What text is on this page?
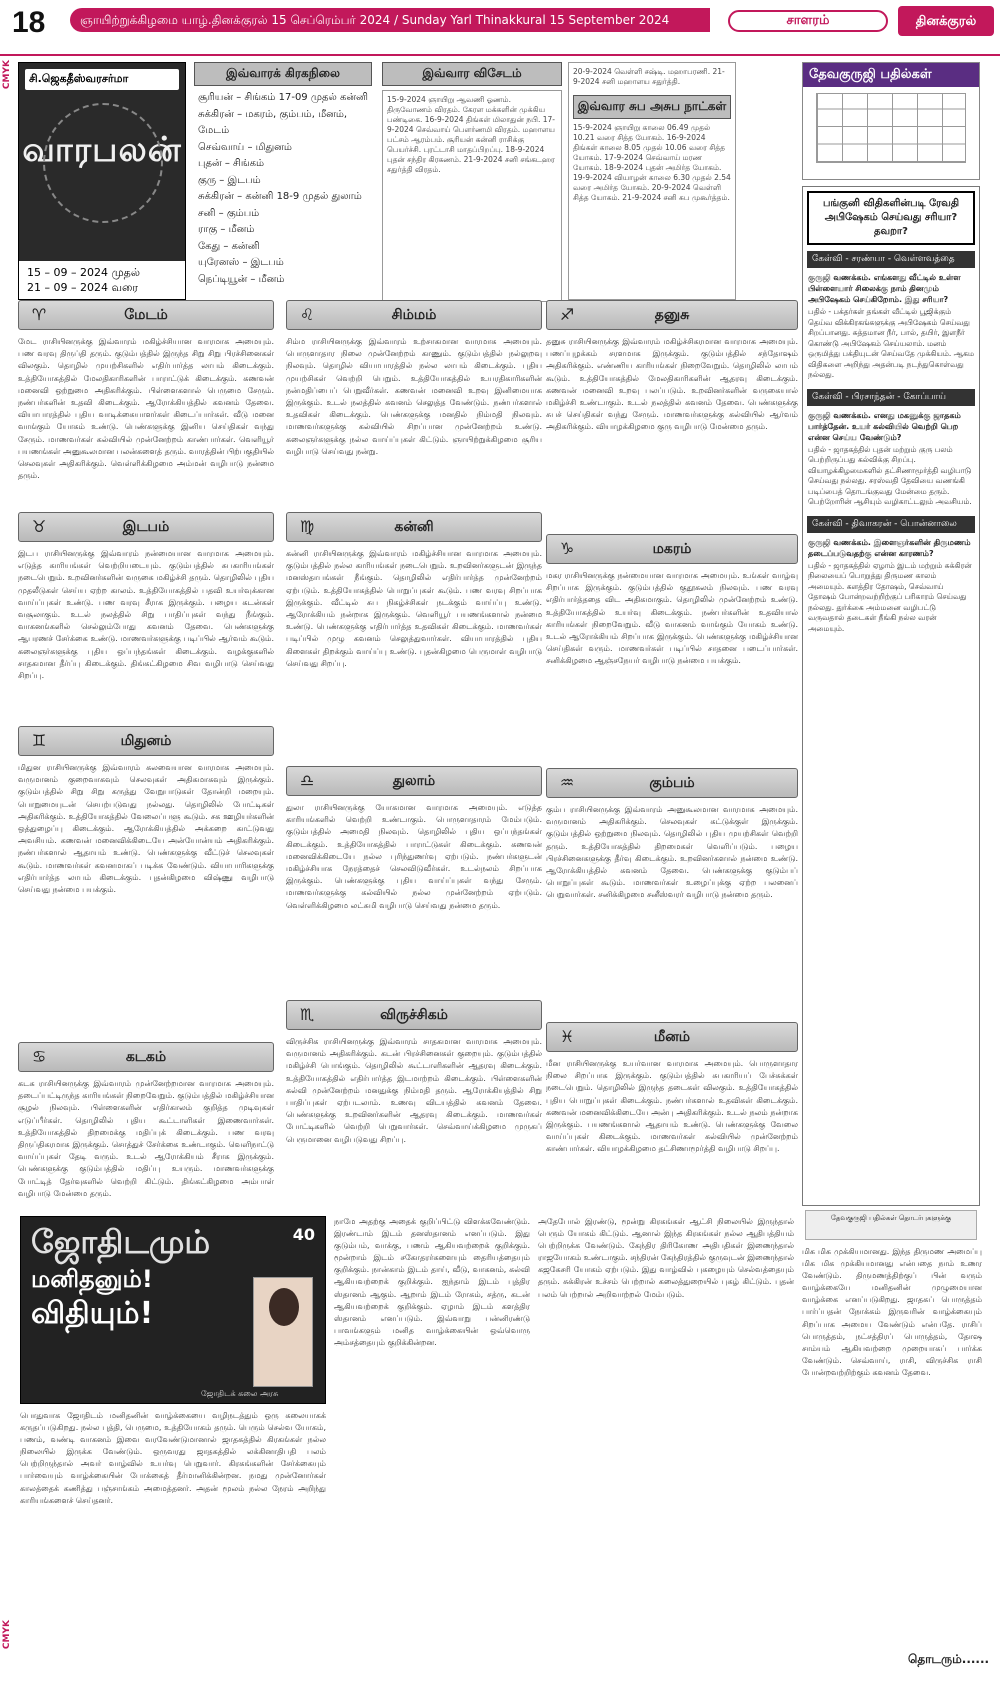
18	ஞாயிற்றுக்கிழமை யாழ்.தினக்குரல் 15 செப்ரெம்பர் 2024 / Sunday Yarl Thinakkural 15 September 2024	சாளரம்	தினக்குரல்
CMYK
CMYK
சி.ஜெகதீஸ்வரசர்மா
வாரபலன்
15 – 09 – 2024 முதல்
21 – 09 – 2024 வரை
இவ்வாரக் கிரகநிலை
சூரியன் – சிங்கம் 17-09 முதல் கன்னி
சுக்கிரன் – மகரம், கும்பம், மீனம், மேடம்
செவ்வாய் – மிதுனம்
புதன் – சிங்கம்
குரு – இடபம்
சுக்கிரன் – கன்னி 18-9 முதல் துலாம்
சனி – கும்பம்
ராகு – மீனம்
கேது – கன்னி
யுரேனஸ் – இடபம்
நெப்டியூன் – மீனம்
இவ்வார விசேடம்

15-9-2024 ஞாயிறு ஆவணி ஓணம். திருவோணம் விரதம். கேரள மக்களின் முக்கிய பண்டிகை. 16-9-2024 திங்கள் மிலாதுன் நபி. 17-9-2024 செவ்வாய் பௌர்ணமி விரதம். மஹாளய பட்சம் ஆரம்பம். சூரியன் கன்னி ராசிக்கு பெயர்ச்சி. புரட்டாசி மாதப்பிறப்பு. 18-9-2024 புதன் சந்திர கிரகணம். 21-9-2024 சனி சங்கடஹர சதுர்த்தி விரதம்.

20-9-2024 வெள்ளி சஷ்டி. மஹாபரணி. 21-9-2024 சனி மஹாளய சதுர்த்தி.

இவ்வார சுப அசுப நாட்கள்

15-9-2024 ஞாயிறு காலை 06.49 முதல் 10.21 வரை சித்த யோகம். 16-9-2024 திங்கள் காலை 8.05 முதல் 10.06 வரை சித்த யோகம். 17-9-2024 செவ்வாய் மரண யோகம். 18-9-2024 புதன் அமிர்த யோகம். 19-9-2024 வியாழன் காலை 6.30 முதல் 2.54 வரை அமிர்த யோகம். 20-9-2024 வெள்ளி சித்த யோகம். 21-9-2024 சனி சுப முகூர்த்தம்.

தேவகுருஜி பதில்கள்
பங்குனி விதிகளின்படி ரேவதி அபிஷேகம் செய்வது சரியா? தவறா?
கேள்வி - சரண்யா - வெள்ளவத்தை

குருஜி வணக்கம். எங்களது வீட்டில் உள்ள பிள்ளையார் சிலைக்கு நாம் தினமும் அபிஷேகம் செய்கிறோம். இது சரியா?

பதில் - பக்தர்கள் தங்கள் வீட்டில் பூஜிக்கும் தெய்வ விக்கிரகங்களுக்கு அபிஷேகம் செய்வது சிறப்பானது. சுத்தமான நீர், பால், தயிர், இளநீர் கொண்டு அபிஷேகம் செய்யலாம். மனம் ஒருமித்து பக்தியுடன் செய்வதே முக்கியம். ஆகம விதிகளை அறிந்து அதன்படி நடந்துகொள்வது நல்லது.

கேள்வி - பிரசாந்தன் - கோப்பாய்

குருஜி வணக்கம். எனது மகனுக்கு ஜாதகம் பார்த்தேன். உயர் கல்வியில் வெற்றி பெற என்ன செய்ய வேண்டும்?

பதில் - ஜாதகத்தில் புதன் மற்றும் குரு பலம் பெற்றிருப்பது கல்விக்கு சிறப்பு. வியாழக்கிழமைகளில் தட்சிணாமூர்த்தி வழிபாடு செய்வது நல்லது. சரஸ்வதி தேவியை வணங்கி படிப்பைத் தொடங்குவது மேன்மை தரும். பெற்றோரின் ஆசியும் வழிகாட்டலும் அவசியம்.

கேள்வி - திவாகரன் - பொன்னாலை

குருஜி வணக்கம். இளைஞர்களின் திருமணம் தடைப்படுவதற்கு என்ன காரணம்?

பதில் - ஜாதகத்தில் ஏழாம் இடம் மற்றும் சுக்கிரன் நிலையைப் பொறுத்து திருமண காலம் அமையும். களத்திர தோஷம், செவ்வாய் தோஷம் போன்றவற்றிற்குப் பரிகாரம் செய்வது நல்லது. துர்க்கை அம்மனை வழிபட்டு வருவதால் தடைகள் நீங்கி நல்ல வரன் அமையும்.

♈	மேடம்
மேட ராசியினருக்கு இவ்வாரம் மகிழ்ச்சியான வாரமாக அமையும். பண வரவு திருப்தி தரும். குடும்பத்தில் இருந்த சிறு சிறு பிரச்சினைகள் விலகும். தொழில் முயற்சிகளில் எதிர்பார்த்த லாபம் கிடைக்கும். உத்தியோகத்தில் மேலதிகாரிகளின் பாராட்டுக் கிடைக்கும். கணவன் மனைவி ஒற்றுமை அதிகரிக்கும். பிள்ளைகளால் பெருமை சேரும். நண்பர்களின் உதவி கிடைக்கும். ஆரோக்கியத்தில் கவனம் தேவை. வியாபாரத்தில் புதிய வாடிக்கையாளர்கள் கிடைப்பார்கள். வீடு மனை வாங்கும் யோகம் உண்டு. பெண்களுக்கு இனிய செய்திகள் வந்து சேரும். மாணவர்கள் கல்வியில் முன்னேற்றம் காண்பார்கள். வெளியூர் பயணங்கள் அனுகூலமான பலன்களைத் தரும். வாரத்தின் பிற்பகுதியில் செலவுகள் அதிகரிக்கும். வெள்ளிக்கிழமை அம்மன் வழிபாடு நன்மை தரும்.
♉	இடபம்
இடப ராசியினருக்கு இவ்வாரம் நன்மையான வாரமாக அமையும். எடுத்த காரியங்கள் வெற்றியடையும். குடும்பத்தில் சுபகாரியங்கள் நடைபெறும். உறவினர்களின் வருகை மகிழ்ச்சி தரும். தொழிலில் புதிய முதலீடுகள் செய்ய ஏற்ற காலம். உத்தியோகத்தில் பதவி உயர்வுக்கான வாய்ப்புகள் உண்டு. பண வரவு சீராக இருக்கும். பழைய கடன்கள் வசூலாகும். உடல் நலத்தில் சிறு பாதிப்புகள் வந்து நீங்கும். வாகனங்களில் செல்லும்போது கவனம் தேவை. பெண்களுக்கு ஆபரணச் சேர்க்கை உண்டு. மாணவர்களுக்கு படிப்பில் ஆர்வம் கூடும். கலைஞர்களுக்கு புதிய ஒப்பந்தங்கள் கிடைக்கும். வழக்குகளில் சாதகமான தீர்ப்பு கிடைக்கும். திங்கட்கிழமை சிவ வழிபாடு செய்வது சிறப்பு.
♊	மிதுனம்
மிதுன ராசியினருக்கு இவ்வாரம் கலவையான வாரமாக அமையும். வருமானம் குறைவாகவும் செலவுகள் அதிகமாகவும் இருக்கும். குடும்பத்தில் சிறு சிறு கருத்து வேறுபாடுகள் தோன்றி மறையும். பொறுமையுடன் செயற்படுவது நல்லது. தொழிலில் போட்டிகள் அதிகரிக்கும். உத்தியோகத்தில் வேலைப்பளு கூடும். சக ஊழியர்களின் ஒத்துழைப்பு கிடைக்கும். ஆரோக்கியத்தில் அக்கறை காட்டுவது அவசியம். கணவன் மனைவிக்கிடையே அன்யோன்யம் அதிகரிக்கும். நண்பர்களால் ஆதாயம் உண்டு. பெண்களுக்கு வீட்டுச் செலவுகள் கூடும். மாணவர்கள் கவனமாகப் படிக்க வேண்டும். வியாபாரிகளுக்கு எதிர்பார்த்த லாபம் கிடைக்கும். புதன்கிழமை விஷ்ணு வழிபாடு செய்வது நன்மை பயக்கும்.
♋	கடகம்
கடக ராசியினருக்கு இவ்வாரம் முன்னேற்றமான வாரமாக அமையும். தடைப்பட்டிருந்த காரியங்கள் நிறைவேறும். குடும்பத்தில் மகிழ்ச்சியான சூழல் நிலவும். பிள்ளைகளின் எதிர்காலம் குறித்த முடிவுகள் எடுப்பீர்கள். தொழிலில் புதிய கூட்டாளிகள் இணைவார்கள். உத்தியோகத்தில் திறமைக்கு மதிப்புக் கிடைக்கும். பண வரவு திருப்திகரமாக இருக்கும். சொத்துச் சேர்க்கை உண்டாகும். வெளிநாட்டு வாய்ப்புகள் தேடி வரும். உடல் ஆரோக்கியம் சீராக இருக்கும். பெண்களுக்கு குடும்பத்தில் மதிப்பு உயரும். மாணவர்களுக்கு போட்டித் தேர்வுகளில் வெற்றி கிட்டும். திங்கட்கிழமை அம்பாள் வழிபாடு மேன்மை தரும்.
♌	சிம்மம்
சிம்ம ராசியினருக்கு இவ்வாரம் உற்சாகமான வாரமாக அமையும். பொருளாதார நிலை முன்னேற்றம் காணும். குடும்பத்தில் நல்லுறவு நிலவும். தொழில் வியாபாரத்தில் நல்ல லாபம் கிடைக்கும். புதிய முயற்சிகள் வெற்றி பெறும். உத்தியோகத்தில் உயரதிகாரிகளின் நன்மதிப்பைப் பெறுவீர்கள். கணவன் மனைவி உறவு இனிமையாக இருக்கும். உடல் நலத்தில் கவனம் செலுத்த வேண்டும். நண்பர்களால் உதவிகள் கிடைக்கும். பெண்களுக்கு மனதில் நிம்மதி நிலவும். மாணவர்களுக்கு கல்வியில் சிறப்பான முன்னேற்றம் உண்டு. கலைஞர்களுக்கு நல்ல வாய்ப்புகள் கிட்டும். ஞாயிற்றுக்கிழமை சூரிய வழிபாடு செய்வது நன்று.
♍	கன்னி
கன்னி ராசியினருக்கு இவ்வாரம் மகிழ்ச்சியான வாரமாக அமையும். குடும்பத்தில் நல்ல காரியங்கள் நடைபெறும். உறவினர்களுடன் இருந்த மனஸ்தாபங்கள் நீங்கும். தொழிலில் எதிர்பார்த்த முன்னேற்றம் ஏற்படும். உத்தியோகத்தில் பொறுப்புகள் கூடும். பண வரவு சிறப்பாக இருக்கும். வீட்டில் சுப நிகழ்ச்சிகள் நடக்கும் வாய்ப்பு உண்டு. ஆரோக்கியம் நன்றாக இருக்கும். வெளியூர் பயணங்களால் நன்மை உண்டு. பெண்களுக்கு எதிர்பார்த்த உதவிகள் கிடைக்கும். மாணவர்கள் படிப்பில் முழு கவனம் செலுத்துவார்கள். வியாபாரத்தில் புதிய கிளைகள் திறக்கும் வாய்ப்பு உண்டு. புதன்கிழமை பெருமாள் வழிபாடு செய்வது சிறப்பு.
♎	துலாம்
துலா ராசியினருக்கு யோகமான வாரமாக அமையும். எடுத்த காரியங்களில் வெற்றி உண்டாகும். பொருளாதாரம் மேம்படும். குடும்பத்தில் அமைதி நிலவும். தொழிலில் புதிய ஒப்பந்தங்கள் கிடைக்கும். உத்தியோகத்தில் பாராட்டுகள் கிடைக்கும். கணவன் மனைவிக்கிடையே நல்ல புரிந்துணர்வு ஏற்படும். நண்பர்களுடன் மகிழ்ச்சியாக நேரத்தைச் செலவிடுவீர்கள். உடல்நலம் சிறப்பாக இருக்கும். பெண்களுக்கு புதிய வாய்ப்புகள் வந்து சேரும். மாணவர்களுக்கு கல்வியில் நல்ல முன்னேற்றம் ஏற்படும். வெள்ளிக்கிழமை லட்சுமி வழிபாடு செய்வது நன்மை தரும்.
♏	விருச்சிகம்
விருச்சிக ராசியினருக்கு இவ்வாரம் சாதகமான வாரமாக அமையும். வருமானம் அதிகரிக்கும். கடன் பிரச்சினைகள் குறையும். குடும்பத்தில் மகிழ்ச்சி பொங்கும். தொழிலில் கூட்டாளிகளின் ஆதரவு கிடைக்கும். உத்தியோகத்தில் எதிர்பார்த்த இடமாற்றம் கிடைக்கும். பிள்ளைகளின் கல்வி முன்னேற்றம் மனதுக்கு நிம்மதி தரும். ஆரோக்கியத்தில் சிறு பாதிப்புகள் ஏற்படலாம். உணவு விடயத்தில் கவனம் தேவை. பெண்களுக்கு உறவினர்களின் ஆதரவு கிடைக்கும். மாணவர்கள் போட்டிகளில் வெற்றி பெறுவார்கள். செவ்வாய்க்கிழமை முருகப் பெருமானை வழிபடுவது சிறப்பு.
♐	தனுசு
தனுசு ராசியினருக்கு இவ்வாரம் மகிழ்ச்சிகரமான வாரமாக அமையும். பணப்புழக்கம் சரளமாக இருக்கும். குடும்பத்தில் சந்தோஷம் அதிகரிக்கும். எண்ணிய காரியங்கள் நிறைவேறும். தொழிலில் லாபம் கூடும். உத்தியோகத்தில் மேலதிகாரிகளின் ஆதரவு கிடைக்கும். கணவன் மனைவி உறவு பலப்படும். உறவினர்களின் வருகையால் மகிழ்ச்சி உண்டாகும். உடல் நலத்தில் கவனம் தேவை. பெண்களுக்கு சுபச் செய்திகள் வந்து சேரும். மாணவர்களுக்கு கல்வியில் ஆர்வம் அதிகரிக்கும். வியாழக்கிழமை குரு வழிபாடு மேன்மை தரும்.
♑	மகரம்
மகர ராசியினருக்கு நன்மையான வாரமாக அமையும். உங்கள் வாழ்வு சிறப்பாக இருக்கும். குடும்பத்தில் குதூகலம் நிலவும். பண வரவு எதிர்பார்த்ததை விட அதிகமாகும். தொழிலில் முன்னேற்றம் உண்டு. உத்தியோகத்தில் உயர்வு கிடைக்கும். நண்பர்களின் உதவியால் காரியங்கள் நிறைவேறும். வீடு வாகனம் வாங்கும் யோகம் உண்டு. உடல் ஆரோக்கியம் சிறப்பாக இருக்கும். பெண்களுக்கு மகிழ்ச்சியான செய்திகள் வரும். மாணவர்கள் படிப்பில் சாதனை படைப்பார்கள். சனிக்கிழமை ஆஞ்சநேயர் வழிபாடு நன்மை பயக்கும்.
♒	கும்பம்
கும்ப ராசியினருக்கு இவ்வாரம் அனுகூலமான வாரமாக அமையும். வருமானம் அதிகரிக்கும். செலவுகள் கட்டுக்குள் இருக்கும். குடும்பத்தில் ஒற்றுமை நிலவும். தொழிலில் புதிய முயற்சிகள் வெற்றி தரும். உத்தியோகத்தில் திறமைகள் வெளிப்படும். பழைய பிரச்சினைகளுக்கு தீர்வு கிடைக்கும். உறவினர்களால் நன்மை உண்டு. ஆரோக்கியத்தில் கவனம் தேவை. பெண்களுக்கு குடும்பப் பொறுப்புகள் கூடும். மாணவர்கள் உழைப்புக்கு ஏற்ற பலனைப் பெறுவார்கள். சனிக்கிழமை சனீஸ்வரர் வழிபாடு நன்மை தரும்.
♓	மீனம்
மீன ராசியினருக்கு உயர்வான வாரமாக அமையும். பொருளாதார நிலை சிறப்பாக இருக்கும். குடும்பத்தில் சுபகாரியப் பேச்சுக்கள் நடைபெறும். தொழிலில் இருந்த தடைகள் விலகும். உத்தியோகத்தில் புதிய பொறுப்புகள் கிடைக்கும். நண்பர்களால் உதவிகள் கிடைக்கும். கணவன் மனைவிக்கிடையே அன்பு அதிகரிக்கும். உடல் நலம் நன்றாக இருக்கும். பயணங்களால் ஆதாயம் உண்டு. பெண்களுக்கு வேலை வாய்ப்புகள் கிடைக்கும். மாணவர்கள் கல்வியில் முன்னேற்றம் காண்பார்கள். வியாழக்கிழமை தட்சிணாமூர்த்தி வழிபாடு சிறப்பு.
40
ஜோதிடமும்
மனிதனும்!
விதியும்!
ஜோதிடக் கலை அரசு
பொதுவாக ஜோதிடம் மனிதனின் வாழ்க்கையை வழிநடத்தும் ஒரு கலையாகக் கருதப்படுகிறது. நல்ல புத்தி, பெருமை, உத்தியோகம் தரும். பெரும் செல்வ யோகம், பணம், வண்டி வாகனம் இவை வரவேண்டுமானால் ஜாதகத்தில் கிரகங்கள் நல்ல நிலையில் இருக்க வேண்டும். ஒருவரது ஜாதகத்தில் லக்கினாதிபதி பலம் பெற்றிருந்தால் அவர் வாழ்வில் உயர்வு பெறுவார். கிரகங்களின் சேர்க்கையும் பார்வையும் வாழ்க்கையின் போக்கைத் தீர்மானிக்கின்றன. நமது முன்னோர்கள் காலத்தைக் கணித்து பஞ்சாங்கம் அமைத்தனர். அதன் மூலம் நல்ல நேரம் அறிந்து காரியங்களைச் செய்தனர்.
நாமே அதற்கு அதைக் குறிப்பிட்டு விளக்கவேண்டும். இரண்டாம் இடம் தனஸ்தானம் எனப்படும். இது குடும்பம், வாக்கு, பணம் ஆகியவற்றைக் குறிக்கும். மூன்றாம் இடம் சகோதரர்களையும் தைரியத்தையும் குறிக்கும். நான்காம் இடம் தாய், வீடு, வாகனம், கல்வி ஆகியவற்றைக் குறிக்கும். ஐந்தாம் இடம் புத்திர ஸ்தானம் ஆகும். ஆறாம் இடம் ரோகம், சத்ரு, கடன் ஆகியவற்றைக் குறிக்கும். ஏழாம் இடம் களத்திர ஸ்தானம் எனப்படும். இவ்வாறு பன்னிரண்டு பாவங்களும் மனித வாழ்க்கையின் ஒவ்வொரு அம்சத்தையும் குறிக்கின்றன.
அதேபோல் இரண்டு, மூன்று கிரகங்கள் ஆட்சி நிலையில் இருந்தால் பெரும் யோகம் கிட்டும். ஆனால் இந்த கிரகங்கள் நல்ல ஆதிபத்தியம் பெற்றிருக்க வேண்டும். கேந்திர திரிகோண அதிபதிகள் இணைந்தால் ராஜயோகம் உண்டாகும். சந்திரன் கேந்திரத்தில் குருவுடன் இணைந்தால் கஜகேசரி யோகம் ஏற்படும். இது வாழ்வில் புகழையும் செல்வத்தையும் தரும். சுக்கிரன் உச்சம் பெற்றால் கலைத்துறையில் புகழ் கிட்டும். புதன் பலம் பெற்றால் அறிவாற்றல் மேம்படும்.
தேவகுருஜி பதில்கள் தொடர்புகளுக்கு
மிக மிக முக்கியமானது. இந்த திருமண அமைப்பு மிக மிக முக்கியமானது என்பதை நாம் உணர வேண்டும். திருமணத்திற்குப் பின் வரும் வாழ்க்கையே மனிதனின் முழுமையான வாழ்க்கை எனப்படுகிறது. ஜாதகப் பொருத்தம் பார்ப்பதன் நோக்கம் இருவரின் வாழ்க்கையும் சிறப்பாக அமைய வேண்டும் என்பதே. ராசிப் பொருத்தம், நட்சத்திரப் பொருத்தம், தோஷ சாம்யம் ஆகியவற்றை முறையாகப் பார்க்க வேண்டும். செவ்வாய், ராசி, விருச்சிக ராசி போன்றவற்றிற்கும் கவனம் தேவை.
தொடரும்......
